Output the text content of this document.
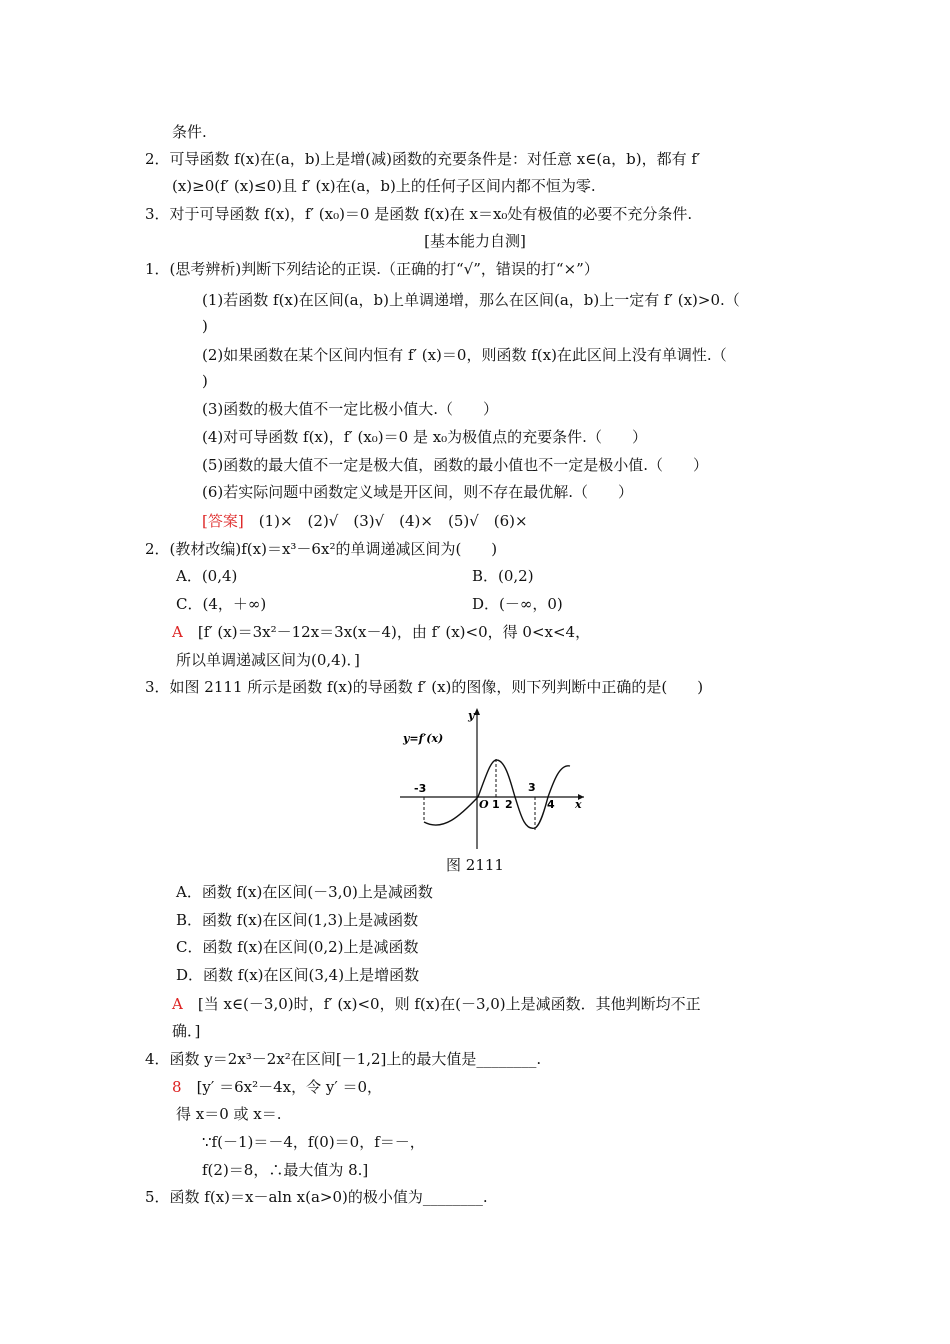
条件.
2．可导函数 f(x)在(a，b)上是增(减)函数的充要条件是：对任意 x∈(a，b)，都有 f′
(x)≥0(f′ (x)≤0)且 f′ (x)在(a，b)上的任何子区间内都不恒为零.
3．对于可导函数 f(x)，f′ (x₀)＝0 是函数 f(x)在 x＝x₀处有极值的必要不充分条件.
[基本能力自测]
1．(思考辨析)判断下列结论的正误.（正确的打“√”，错误的打“×”）
(1)若函数 f(x)在区间(a，b)上单调递增，那么在区间(a，b)上一定有 f′ (x)>0.（
)
(2)如果函数在某个区间内恒有 f′ (x)＝0，则函数 f(x)在此区间上没有单调性.（
)
(3)函数的极大值不一定比极小值大.（　　）
(4)对可导函数 f(x)，f′ (x₀)＝0 是 x₀为极值点的充要条件.（　　）
(5)函数的最大值不一定是极大值，函数的最小值也不一定是极小值.（　　）
(6)若实际问题中函数定义域是开区间，则不存在最优解.（　　）
[答案]　 (1)×　(2)√　(3)√　(4)×　(5)√　(6)×
2．(教材改编)f(x)＝x³－6x²的单调递减区间为(　　)
A．(0,4)	B．(0,2)
C．(4，＋∞)	D．(－∞，0)
A　 [f′ (x)＝3x²－12x＝3x(x－4)，由 f′ (x)<0，得 0<x<4，
所以单调递减区间为(0,4)．]
3．如图 2111 所示是函数 f(x)的导函数 f′ (x)的图像，则下列判断中正确的是(　　)
y=f′(x)
y
x
O
-3
1 2
3
4
图 2111
A．函数 f(x)在区间(－3,0)上是减函数
B．函数 f(x)在区间(1,3)上是减函数
C．函数 f(x)在区间(0,2)上是减函数
D．函数 f(x)在区间(3,4)上是增函数
A　 [当 x∈(－3,0)时，f′ (x)<0，则 f(x)在(－3,0)上是减函数．其他判断均不正
确．]
4．函数 y＝2x³－2x²在区间[－1,2]上的最大值是________.
8　 [y′ ＝6x²－4x，令 y′ ＝0，
得 x＝0 或 x＝.
∵f(－1)＝－4，f(0)＝0，f＝－，
f(2)＝8，∴最大值为 8.]
5．函数 f(x)＝x－aln x(a>0)的极小值为________.
